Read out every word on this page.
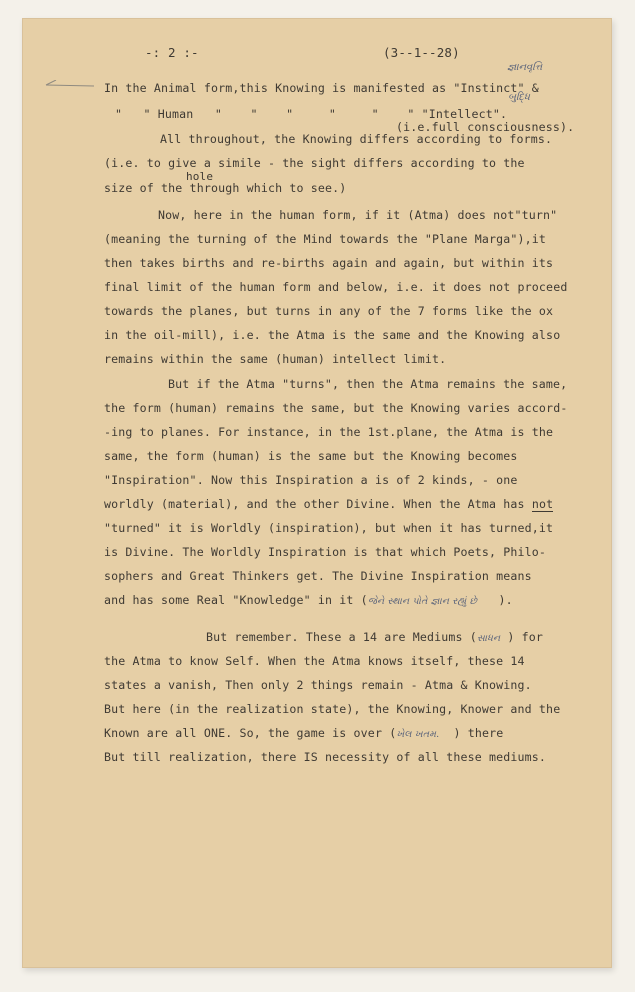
-: 2 :-	(3--1--28)
જ્ઞાનવૃત્તિ
બુદ્ધિ
In the Animal form,this Knowing is manifested as "Instinct" &
"   " Human   "    "    "     "     "    " "Intellect".
(i.e.full consciousness).
All throughout, the Knowing differs according to forms.
(i.e. to give a simile - the sight differs according to the
hole
size of the through which to see.)
Now, here in the human form, if it (Atma) does not"turn"
(meaning the turning of the Mind towards the "Plane Marga"),it
then takes births and re-births again and again, but within its
final limit of the human form and below, i.e. it does not proceed
towards the planes, but turns in any of the 7 forms like the ox
in the oil-mill), i.e. the Atma is the same and the Knowing also
remains within the same (human) intellect limit.
But if the Atma "turns", then the Atma remains the same,
the form (human) remains the same, but the Knowing varies accord-
-ing to planes. For instance, in the 1st.plane, the Atma is the
same, the form (human) is the same but the Knowing becomes
"Inspiration". Now this Inspiration a is of 2 kinds, - one
worldly (material), and the other Divine. When the Atma has not
"turned" it is Worldly (inspiration), but when it has turned,it
is Divine. The Worldly Inspiration is that which Poets, Philo-
sophers and Great Thinkers get. The Divine Inspiration means
and has some Real "Knowledge" in it (જેને સ્થાન પોતે જ્ઞાન રહ્યું છે ).
But remember. These a 14 are Mediums (સાધન ) for
the Atma to know Self. When the Atma knows itself, these 14
states a vanish, Then only 2 things remain - Atma & Knowing.
But here (in the realization state), the Knowing, Knower and the
Known are all ONE. So, the game is over (ખેલ ખતમ. ) there
But till realization, there IS necessity of all these mediums.
